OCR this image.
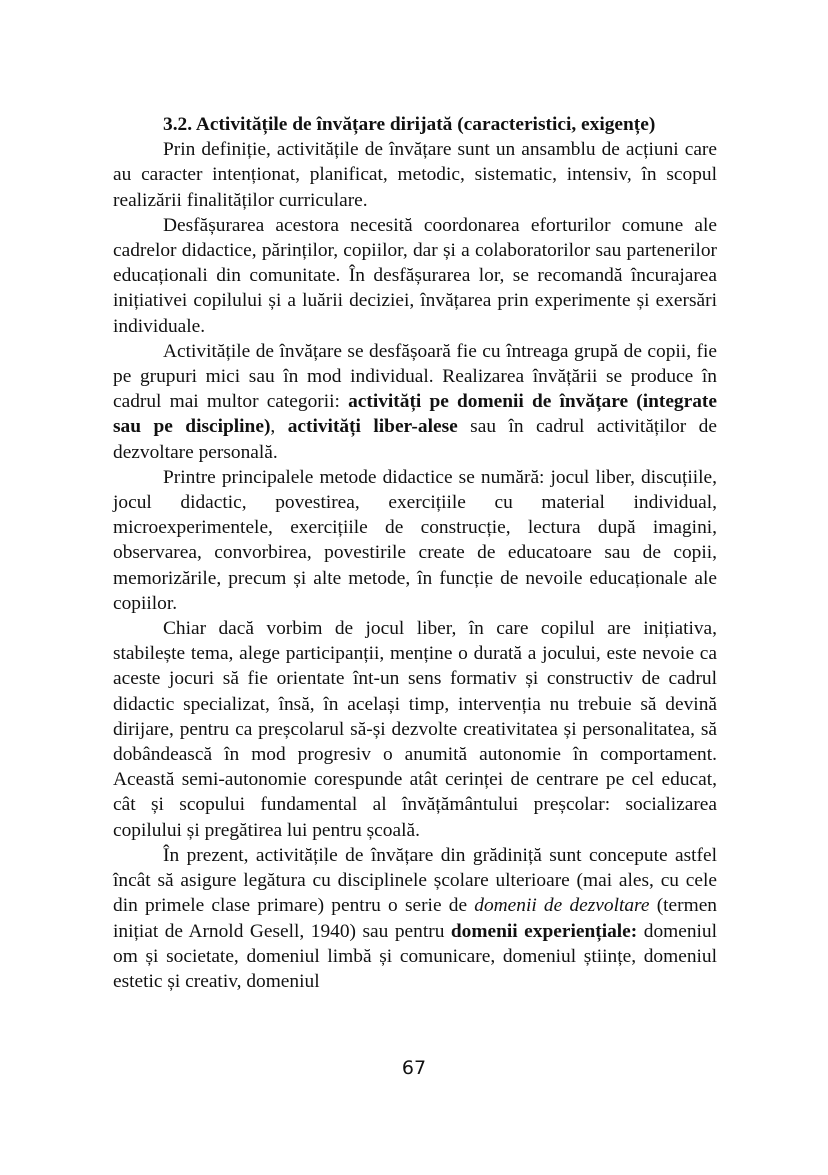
3.2. Activitățile de învățare dirijată (caracteristici, exigențe)

Prin definiție, activitățile de învățare sunt un ansamblu de acțiuni care au caracter intenționat, planificat, metodic, sistematic, intensiv, în scopul realizării finalităților curriculare.

Desfășurarea acestora necesită coordonarea eforturilor comune ale cadrelor didactice, părinților, copiilor, dar și a colaboratorilor sau partenerilor educaționali din comunitate. În desfășurarea lor, se recomandă încurajarea inițiativei copilului și a luării deciziei, învățarea prin experimente și exersări individuale.

Activitățile de învățare se desfășoară fie cu întreaga grupă de copii, fie pe grupuri mici sau în mod individual. Realizarea învățării se produce în cadrul mai multor categorii: activități pe domenii de învățare (integrate sau pe discipline), activități liber-alese sau în cadrul activităților de dezvoltare personală.

Printre principalele metode didactice se numără: jocul liber, discuțiile, jocul didactic, povestirea, exercițiile cu material individual, microexperimentele, exercițiile de construcție, lectura după imagini, observarea, convorbirea, povestirile create de educatoare sau de copii, memorizările, precum și alte metode, în funcție de nevoile educaționale ale copiilor.

Chiar dacă vorbim de jocul liber, în care copilul are inițiativa, stabilește tema, alege participanții, menține o durată a jocului, este nevoie ca aceste jocuri să fie orientate înt-un sens formativ și constructiv de cadrul didactic specializat, însă, în același timp, intervenția nu trebuie să devină dirijare, pentru ca preșcolarul să-și dezvolte creativitatea și personalitatea, să dobândească în mod progresiv o anumită autonomie în comportament. Această semi-autonomie corespunde atât cerinței de centrare pe cel educat, cât și scopului fundamental al învățământului preșcolar: socializarea copilului și pregătirea lui pentru școală.

În prezent, activitățile de învățare din grădiniță sunt concepute astfel încât să asigure legătura cu disciplinele școlare ulterioare (mai ales, cu cele din primele clase primare) pentru o serie de domenii de dezvoltare (termen inițiat de Arnold Gesell, 1940) sau pentru domenii experiențiale: domeniul om și societate, domeniul limbă și comunicare, domeniul științe, domeniul estetic și creativ, domeniul

67
